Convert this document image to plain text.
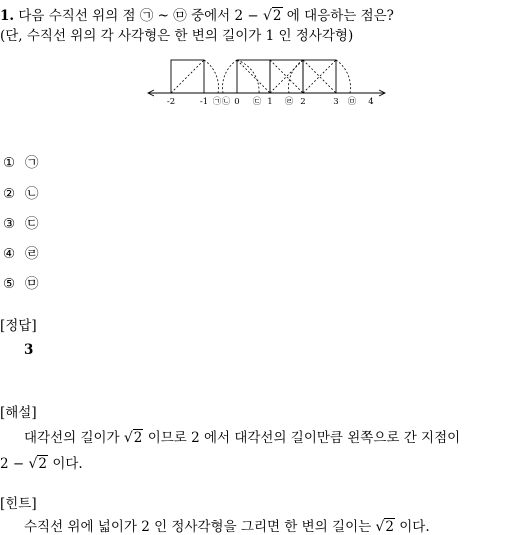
1. 다음 수직선 위의 점 ㉠ ~ ㉤ 중에서 2 − √2 에 대응하는 점은?
(단, 수직선 위의 각 사각형은 한 변의 길이가 1 인 정사각형)
-2	-1 ㉠ ㉡ 0 ㉢ 1 ㉣ 2	3 ㉤ 4
① ㉠
② ㉡
③ ㉢
④ ㉣
⑤ ㉤
[정답]
3
[해설]
대각선의 길이가 √2 이므로 2 에서 대각선의 길이만큼 왼쪽으로 간 지점이
2 − √2 이다.
[힌트]
수직선 위에 넓이가 2 인 정사각형을 그리면 한 변의 길이는 √2 이다.
